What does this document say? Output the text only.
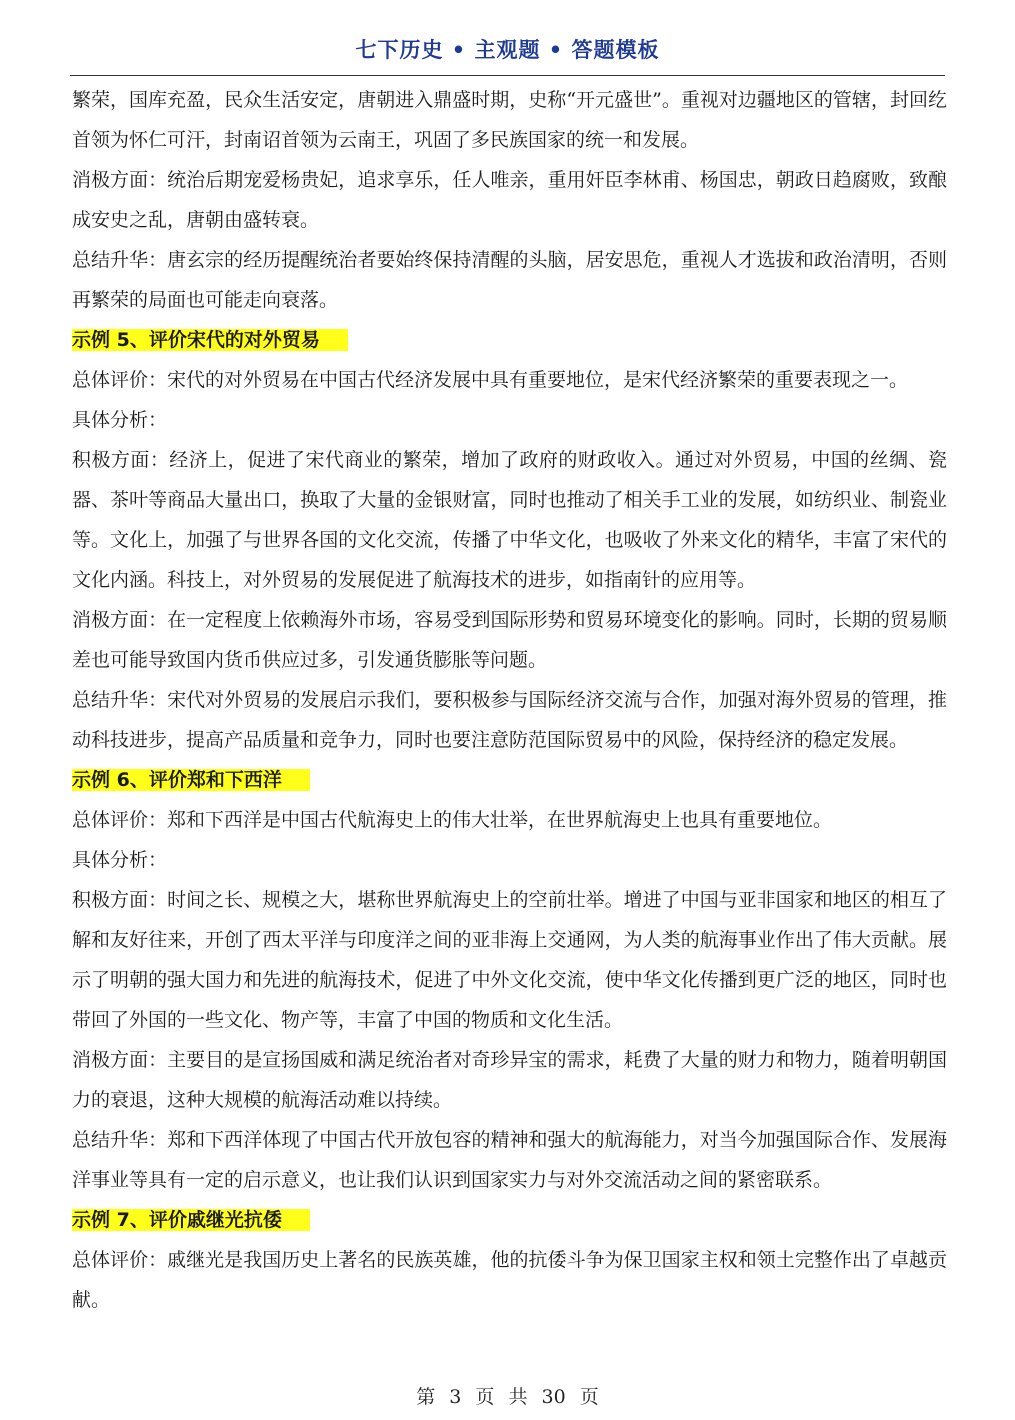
七下历史 • 主观题 • 答题模板

繁荣，国库充盈，民众生活安定，唐朝进入鼎盛时期，史称“开元盛世”。重视对边疆地区的管辖，封回纥首领为怀仁可汗，封南诏首领为云南王，巩固了多民族国家的统一和发展。

消极方面：统治后期宠爱杨贵妃，追求享乐，任人唯亲，重用奸臣李林甫、杨国忠，朝政日趋腐败，致酿成安史之乱，唐朝由盛转衰。

总结升华：唐玄宗的经历提醒统治者要始终保持清醒的头脑，居安思危，重视人才选拔和政治清明，否则再繁荣的局面也可能走向衰落。

示例 5、评价宋代的对外贸易

总体评价：宋代的对外贸易在中国古代经济发展中具有重要地位，是宋代经济繁荣的重要表现之一。

具体分析：

积极方面：经济上，促进了宋代商业的繁荣，增加了政府的财政收入。通过对外贸易，中国的丝绸、瓷器、茶叶等商品大量出口，换取了大量的金银财富，同时也推动了相关手工业的发展，如纺织业、制瓷业等。文化上，加强了与世界各国的文化交流，传播了中华文化，也吸收了外来文化的精华，丰富了宋代的文化内涵。科技上，对外贸易的发展促进了航海技术的进步，如指南针的应用等。

消极方面：在一定程度上依赖海外市场，容易受到国际形势和贸易环境变化的影响。同时，长期的贸易顺差也可能导致国内货币供应过多，引发通货膨胀等问题。

总结升华：宋代对外贸易的发展启示我们，要积极参与国际经济交流与合作，加强对海外贸易的管理，推动科技进步，提高产品质量和竞争力，同时也要注意防范国际贸易中的风险，保持经济的稳定发展。

示例 6、评价郑和下西洋

总体评价：郑和下西洋是中国古代航海史上的伟大壮举，在世界航海史上也具有重要地位。

具体分析：

积极方面：时间之长、规模之大，堪称世界航海史上的空前壮举。增进了中国与亚非国家和地区的相互了解和友好往来，开创了西太平洋与印度洋之间的亚非海上交通网，为人类的航海事业作出了伟大贡献。展示了明朝的强大国力和先进的航海技术，促进了中外文化交流，使中华文化传播到更广泛的地区，同时也带回了外国的一些文化、物产等，丰富了中国的物质和文化生活。

消极方面：主要目的是宣扬国威和满足统治者对奇珍异宝的需求，耗费了大量的财力和物力，随着明朝国力的衰退，这种大规模的航海活动难以持续。

总结升华：郑和下西洋体现了中国古代开放包容的精神和强大的航海能力，对当今加强国际合作、发展海洋事业等具有一定的启示意义，也让我们认识到国家实力与对外交流活动之间的紧密联系。

示例 7、评价戚继光抗倭

总体评价：戚继光是我国历史上著名的民族英雄，他的抗倭斗争为保卫国家主权和领土完整作出了卓越贡献。

第 3 页 共 30 页
